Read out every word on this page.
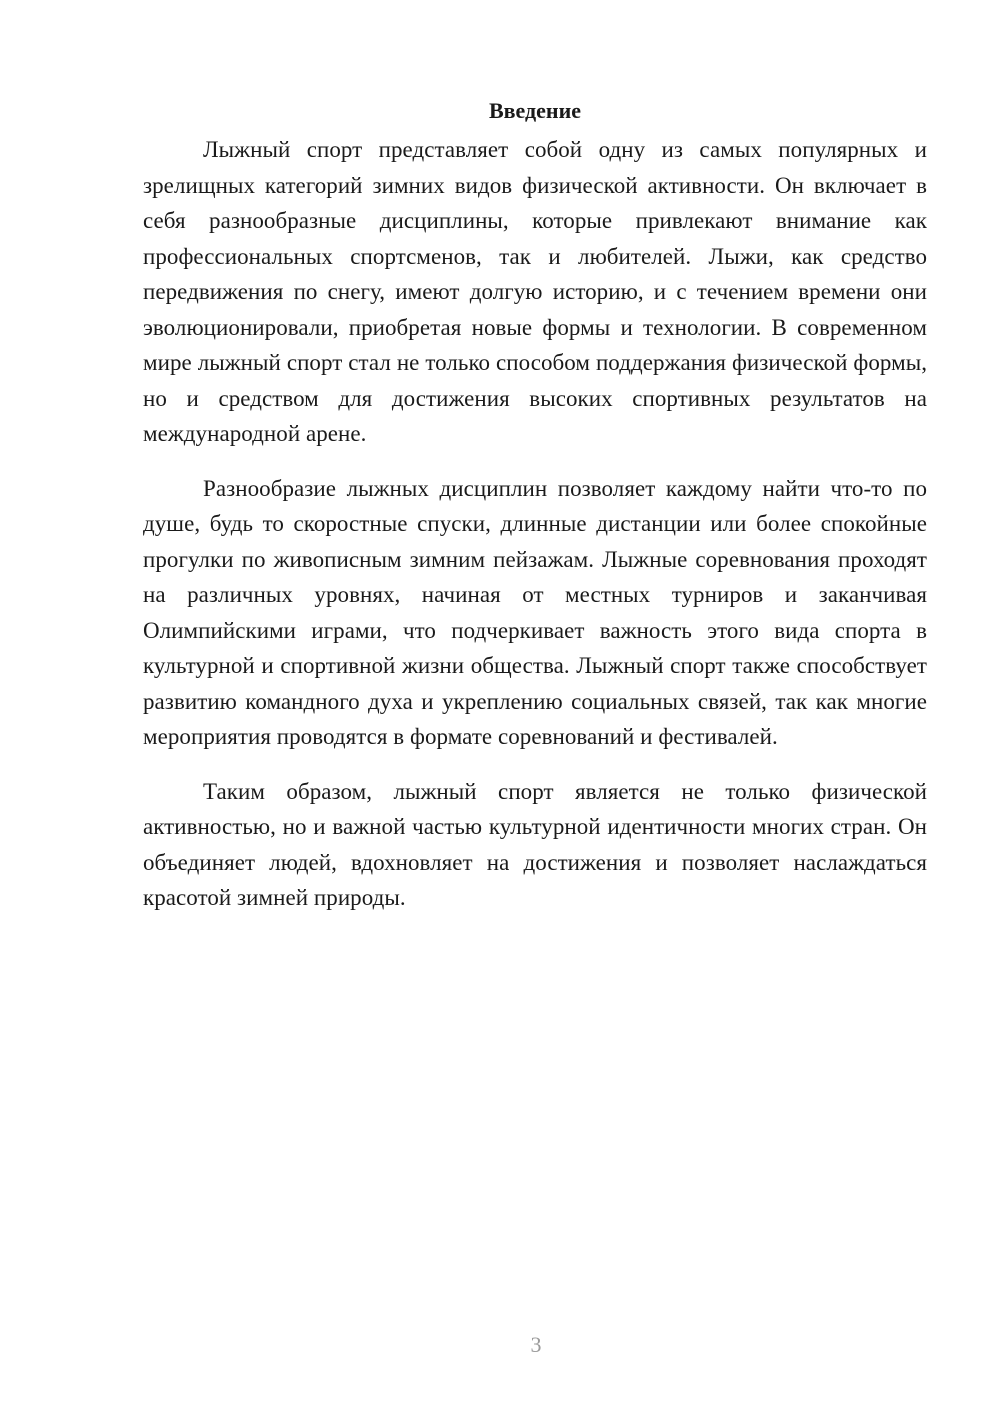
Введение

Лыжный спорт представляет собой одну из самых популярных и зрелищных категорий зимних видов физической активности. Он включает в себя разнообразные дисциплины, которые привлекают внимание как профессиональных спортсменов, так и любителей. Лыжи, как средство передвижения по снегу, имеют долгую историю, и с течением времени они эволюционировали, приобретая новые формы и технологии. В современном мире лыжный спорт стал не только способом поддержания физической формы, но и средством для достижения высоких спортивных результатов на международной арене.

Разнообразие лыжных дисциплин позволяет каждому найти что-то по душе, будь то скоростные спуски, длинные дистанции или более спокойные прогулки по живописным зимним пейзажам. Лыжные соревнования проходят на различных уровнях, начиная от местных турниров и заканчивая Олимпийскими играми, что подчеркивает важность этого вида спорта в культурной и спортивной жизни общества. Лыжный спорт также способствует развитию командного духа и укреплению социальных связей, так как многие мероприятия проводятся в формате соревнований и фестивалей.

Таким образом, лыжный спорт является не только физической активностью, но и важной частью культурной идентичности многих стран. Он объединяет людей, вдохновляет на достижения и позволяет наслаждаться красотой зимней природы.

3
